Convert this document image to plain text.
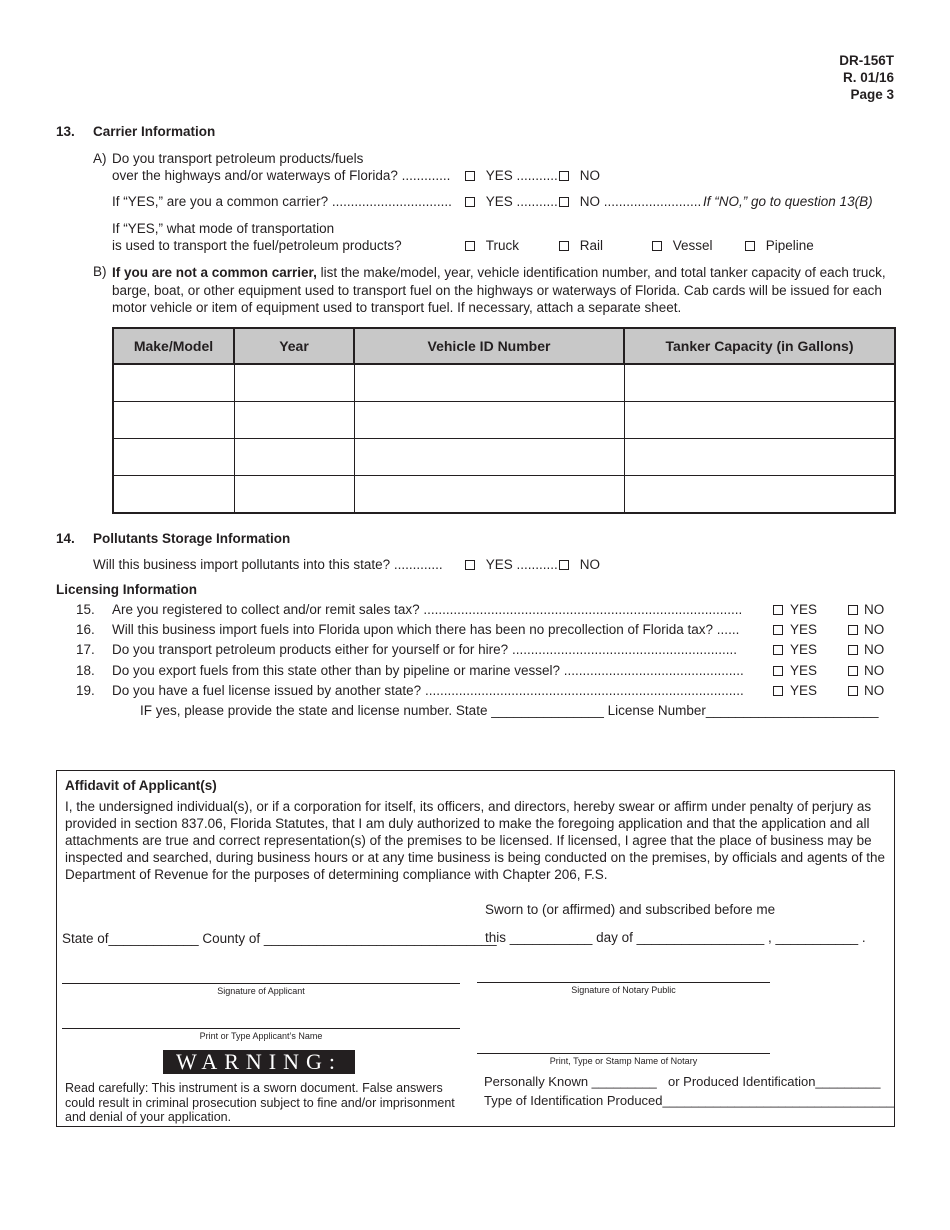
DR-156T
R. 01/16
Page 3
13. Carrier Information
A) Do you transport petroleum products/fuels
over the highways and/or waterways of Florida? .............	YES ...........	NO
If “YES,” are you a common carrier? ................................	YES ...........	NO .......................... If “NO,” go to question 13(B)
If “YES,” what mode of transportation
is used to transport the fuel/petroleum products?	Truck	Rail	Vessel	Pipeline
B) If you are not a common carrier, list the make/model, year, vehicle identification number, and total tanker capacity of each truck, barge, boat, or other equipment used to transport fuel on the highways or waterways of Florida. Cab cards will be issued for each motor vehicle or item of equipment used to transport fuel. If necessary, attach a separate sheet.
Make/Model	Year	Vehicle ID Number	Tanker Capacity (in Gallons)

14. Pollutants Storage Information
Will this business import pollutants into this state? .............	YES ...........	NO
Licensing Information
15. Are you registered to collect and/or remit sales tax? .....................................................................................	YES	NO
16. Will this business import fuels into Florida upon which there has been no precollection of Florida tax? ......	YES	NO
17. Do you transport petroleum products either for yourself or for hire? ............................................................	YES	NO
18. Do you export fuels from this state other than by pipeline or marine vessel? ................................................	YES	NO
19. Do you have a fuel license issued by another state? .....................................................................................	YES	NO
IF yes, please provide the state and license number. State _______________ License Number_______________________
Affidavit of Applicant(s)
I, the undersigned individual(s), or if a corporation for itself, its officers, and directors, hereby swear or affirm under penalty of perjury as provided in section 837.06, Florida Statutes, that I am duly authorized to make the foregoing application and that the application and all attachments are true and correct representation(s) of the premises to be licensed. If licensed, I agree that the place of business may be inspected and searched, during business hours or at any time business is being conducted on the premises, by officials and agents of the Department of Revenue for the purposes of determining compliance with Chapter 206, F.S.
Sworn to (or affirmed) and subscribed before me
State of____________ County of _______________________________
this ___________ day of _________________ , ___________ .
Signature of Applicant	Signature of Notary Public
Print or Type Applicant’s Name
Print, Type or Stamp Name of Notary
WARNING:
Read carefully: This instrument is a sworn document. False answers could result in criminal prosecution subject to fine and/or imprisonment and denial of your application.
Personally Known _________ or Produced Identification_________
Type of Identification Produced________________________________
